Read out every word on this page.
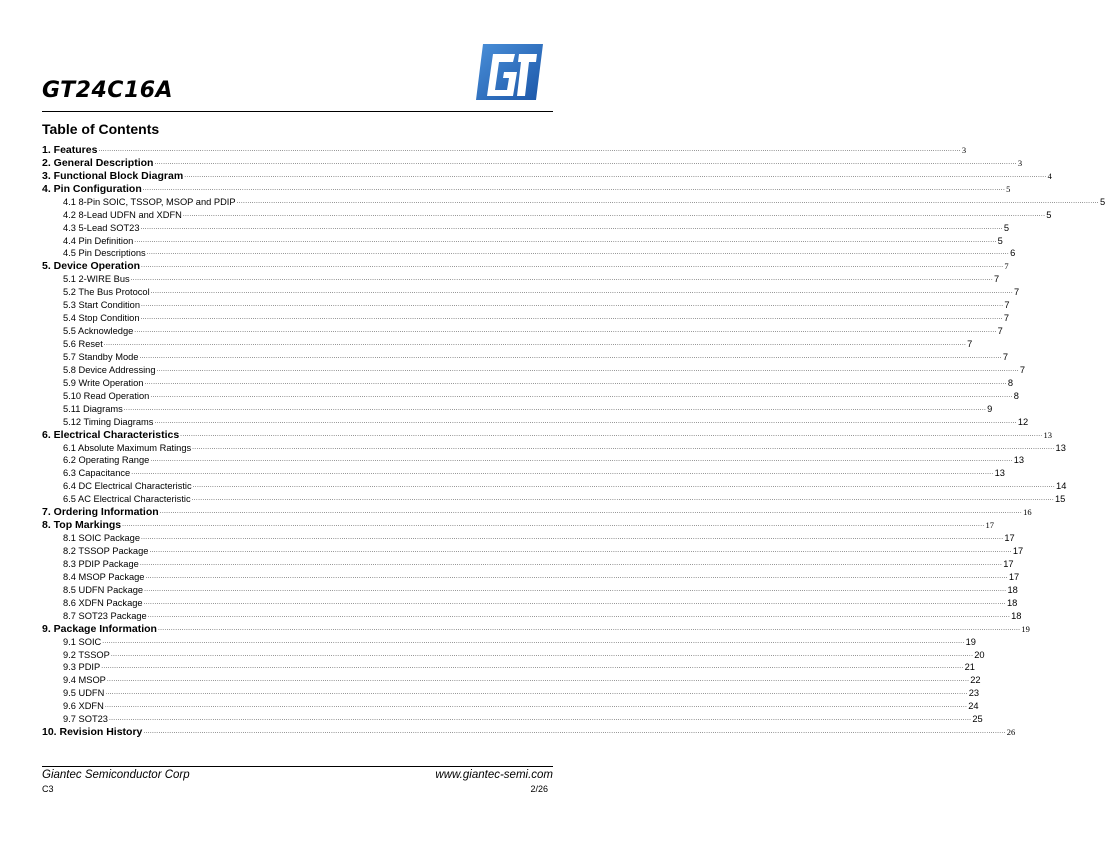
GT24C16A
Table of Contents
1. Features ................................................................................................................................................................................................................................................................................................................................................................................................................ 3
2. General Description ................................................................................................................................................................................................................................................................................................................................................................................................................ 3
3. Functional Block Diagram ................................................................................................................................................................................................................................................................................................................................................................................................................ 4
4. Pin Configuration ................................................................................................................................................................................................................................................................................................................................................................................................................ 5
4.1 8-Pin SOIC, TSSOP, MSOP and PDIP ................................................................................................................................................................................................................................................................................................................................................................................................................ 5
4.2 8-Lead UDFN and XDFN ................................................................................................................................................................................................................................................................................................................................................................................................................ 5
4.3 5-Lead SOT23 ................................................................................................................................................................................................................................................................................................................................................................................................................ 5
4.4 Pin Definition ................................................................................................................................................................................................................................................................................................................................................................................................................ 5
4.5 Pin Descriptions ................................................................................................................................................................................................................................................................................................................................................................................................................ 6
5. Device Operation ................................................................................................................................................................................................................................................................................................................................................................................................................ 7
5.1 2-WIRE Bus ................................................................................................................................................................................................................................................................................................................................................................................................................ 7
5.2 The Bus Protocol ................................................................................................................................................................................................................................................................................................................................................................................................................ 7
5.3 Start Condition ................................................................................................................................................................................................................................................................................................................................................................................................................ 7
5.4 Stop Condition ................................................................................................................................................................................................................................................................................................................................................................................................................ 7
5.5 Acknowledge ................................................................................................................................................................................................................................................................................................................................................................................................................ 7
5.6 Reset ................................................................................................................................................................................................................................................................................................................................................................................................................ 7
5.7 Standby Mode ................................................................................................................................................................................................................................................................................................................................................................................................................ 7
5.8 Device Addressing ................................................................................................................................................................................................................................................................................................................................................................................................................ 7
5.9 Write Operation ................................................................................................................................................................................................................................................................................................................................................................................................................ 8
5.10 Read Operation ................................................................................................................................................................................................................................................................................................................................................................................................................ 8
5.11 Diagrams ................................................................................................................................................................................................................................................................................................................................................................................................................ 9
5.12 Timing Diagrams ................................................................................................................................................................................................................................................................................................................................................................................................................ 12
6. Electrical Characteristics ................................................................................................................................................................................................................................................................................................................................................................................................................ 13
6.1 Absolute Maximum Ratings ................................................................................................................................................................................................................................................................................................................................................................................................................ 13
6.2 Operating Range ................................................................................................................................................................................................................................................................................................................................................................................................................ 13
6.3 Capacitance ................................................................................................................................................................................................................................................................................................................................................................................................................ 13
6.4 DC Electrical Characteristic ................................................................................................................................................................................................................................................................................................................................................................................................................ 14
6.5 AC Electrical Characteristic ................................................................................................................................................................................................................................................................................................................................................................................................................ 15
7. Ordering Information ................................................................................................................................................................................................................................................................................................................................................................................................................ 16
8. Top Markings ................................................................................................................................................................................................................................................................................................................................................................................................................ 17
8.1 SOIC Package ................................................................................................................................................................................................................................................................................................................................................................................................................ 17
8.2 TSSOP Package ................................................................................................................................................................................................................................................................................................................................................................................................................ 17
8.3 PDIP Package ................................................................................................................................................................................................................................................................................................................................................................................................................ 17
8.4 MSOP Package ................................................................................................................................................................................................................................................................................................................................................................................................................ 17
8.5 UDFN Package ................................................................................................................................................................................................................................................................................................................................................................................................................ 18
8.6 XDFN Package ................................................................................................................................................................................................................................................................................................................................................................................................................ 18
8.7 SOT23 Package ................................................................................................................................................................................................................................................................................................................................................................................................................ 18
9. Package Information ................................................................................................................................................................................................................................................................................................................................................................................................................ 19
9.1 SOIC ................................................................................................................................................................................................................................................................................................................................................................................................................ 19
9.2 TSSOP ................................................................................................................................................................................................................................................................................................................................................................................................................ 20
9.3 PDIP ................................................................................................................................................................................................................................................................................................................................................................................................................ 21
9.4 MSOP ................................................................................................................................................................................................................................................................................................................................................................................................................ 22
9.5 UDFN ................................................................................................................................................................................................................................................................................................................................................................................................................ 23
9.6 XDFN ................................................................................................................................................................................................................................................................................................................................................................................................................ 24
9.7 SOT23 ................................................................................................................................................................................................................................................................................................................................................................................................................ 25
10. Revision History ................................................................................................................................................................................................................................................................................................................................................................................................................ 26
Giantec Semiconductor Corp	www.giantec-semi.com
C3	2/26
